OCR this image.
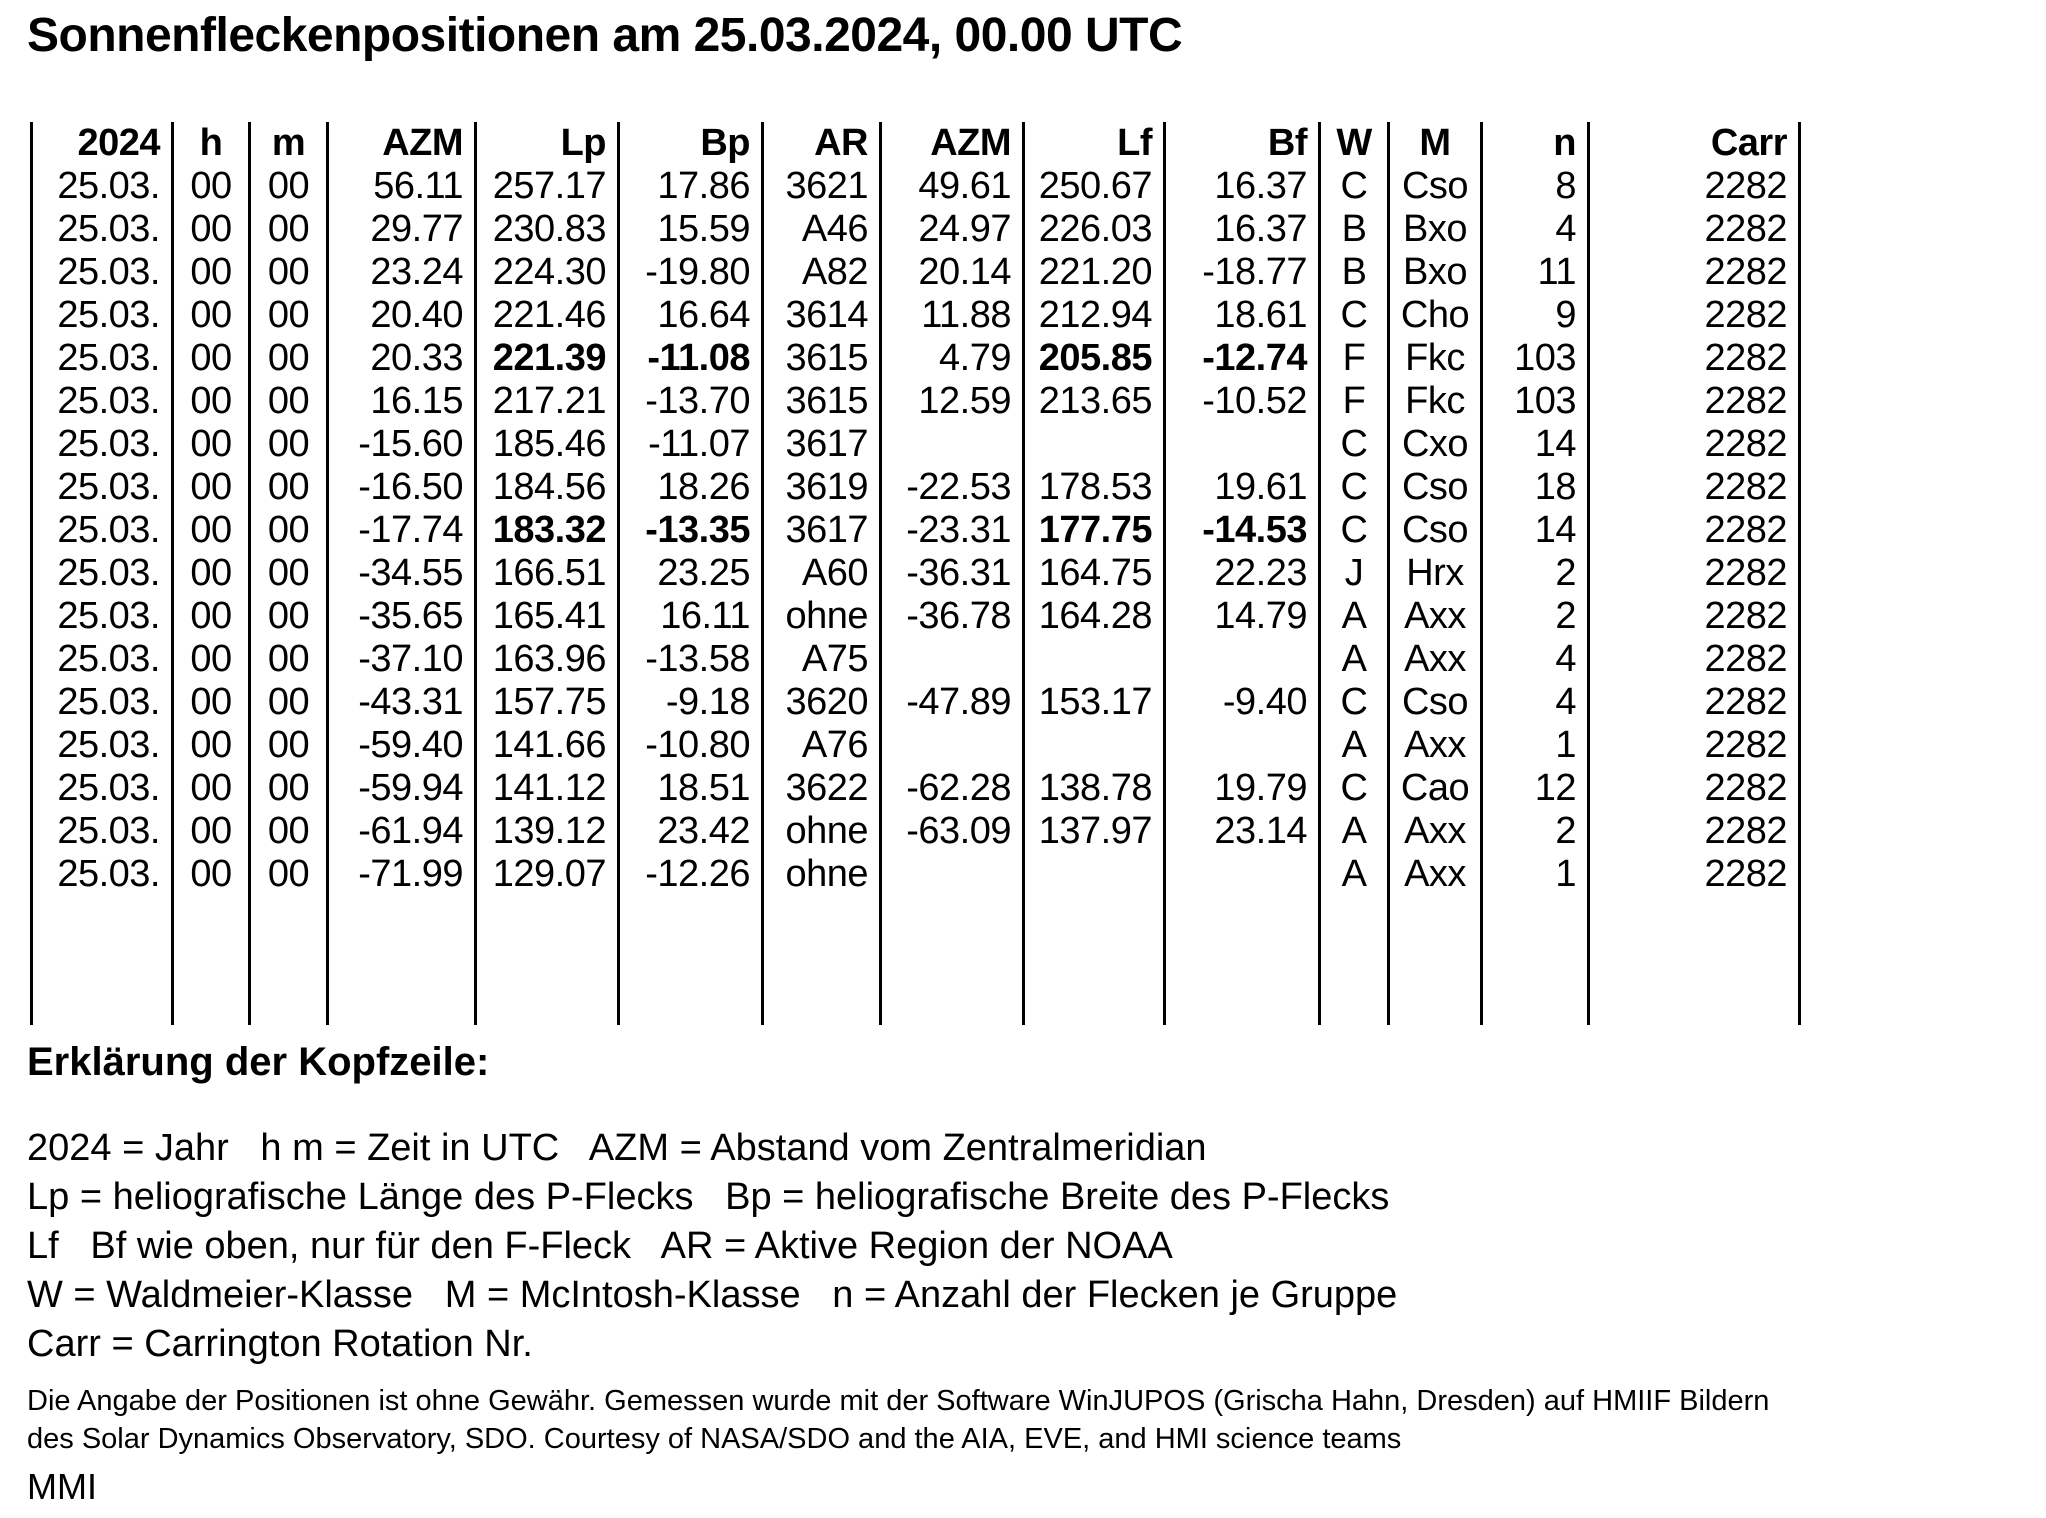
Sonnenfleckenpositionen am 25.03.2024, 00.00 UTC
2024
25.03.
25.03.
25.03.
25.03.
25.03.
25.03.
25.03.
25.03.
25.03.
25.03.
25.03.
25.03.
25.03.
25.03.
25.03.
25.03.
25.03.
h
00
00
00
00
00
00
00
00
00
00
00
00
00
00
00
00
00
m
00
00
00
00
00
00
00
00
00
00
00
00
00
00
00
00
00
AZM
56.11
29.77
23.24
20.40
20.33
16.15
-15.60
-16.50
-17.74
-34.55
-35.65
-37.10
-43.31
-59.40
-59.94
-61.94
-71.99
Lp
257.17
230.83
224.30
221.46
221.39
217.21
185.46
184.56
183.32
166.51
165.41
163.96
157.75
141.66
141.12
139.12
129.07
Bp
17.86
15.59
-19.80
16.64
-11.08
-13.70
-11.07
18.26
-13.35
23.25
16.11
-13.58
-9.18
-10.80
18.51
23.42
-12.26
AR
3621
A46
A82
3614
3615
3615
3617
3619
3617
A60
ohne
A75
3620
A76
3622
ohne
ohne
AZM
49.61
24.97
20.14
11.88
4.79
12.59
-22.53
-23.31
-36.31
-36.78
-47.89
-62.28
-63.09
Lf
250.67
226.03
221.20
212.94
205.85
213.65
178.53
177.75
164.75
164.28
153.17
138.78
137.97
Bf
16.37
16.37
-18.77
18.61
-12.74
-10.52
19.61
-14.53
22.23
14.79
-9.40
19.79
23.14
W
C
B
B
C
F
F
C
C
C
J
A
A
C
A
C
A
A
M
Cso
Bxo
Bxo
Cho
Fkc
Fkc
Cxo
Cso
Cso
Hrx
Axx
Axx
Cso
Axx
Cao
Axx
Axx
n
8
4
11
9
103
103
14
18
14
2
2
4
4
1
12
2
1
Carr
2282
2282
2282
2282
2282
2282
2282
2282
2282
2282
2282
2282
2282
2282
2282
2282
2282
Erklärung der Kopfzeile:
2024 = Jahr   h m = Zeit in UTC   AZM = Abstand vom Zentralmeridian
Lp = heliografische Länge des P-Flecks   Bp = heliografische Breite des P-Flecks
Lf   Bf wie oben, nur für den F-Fleck   AR = Aktive Region der NOAA
W = Waldmeier-Klasse   M = McIntosh-Klasse   n = Anzahl der Flecken je Gruppe
Carr = Carrington Rotation Nr.
Die Angabe der Positionen ist ohne Gewähr. Gemessen wurde mit der Software WinJUPOS (Grischa Hahn, Dresden) auf HMIIF Bildern
des Solar Dynamics Observatory, SDO. Courtesy of NASA/SDO and the AIA, EVE, and HMI science teams
MMI
